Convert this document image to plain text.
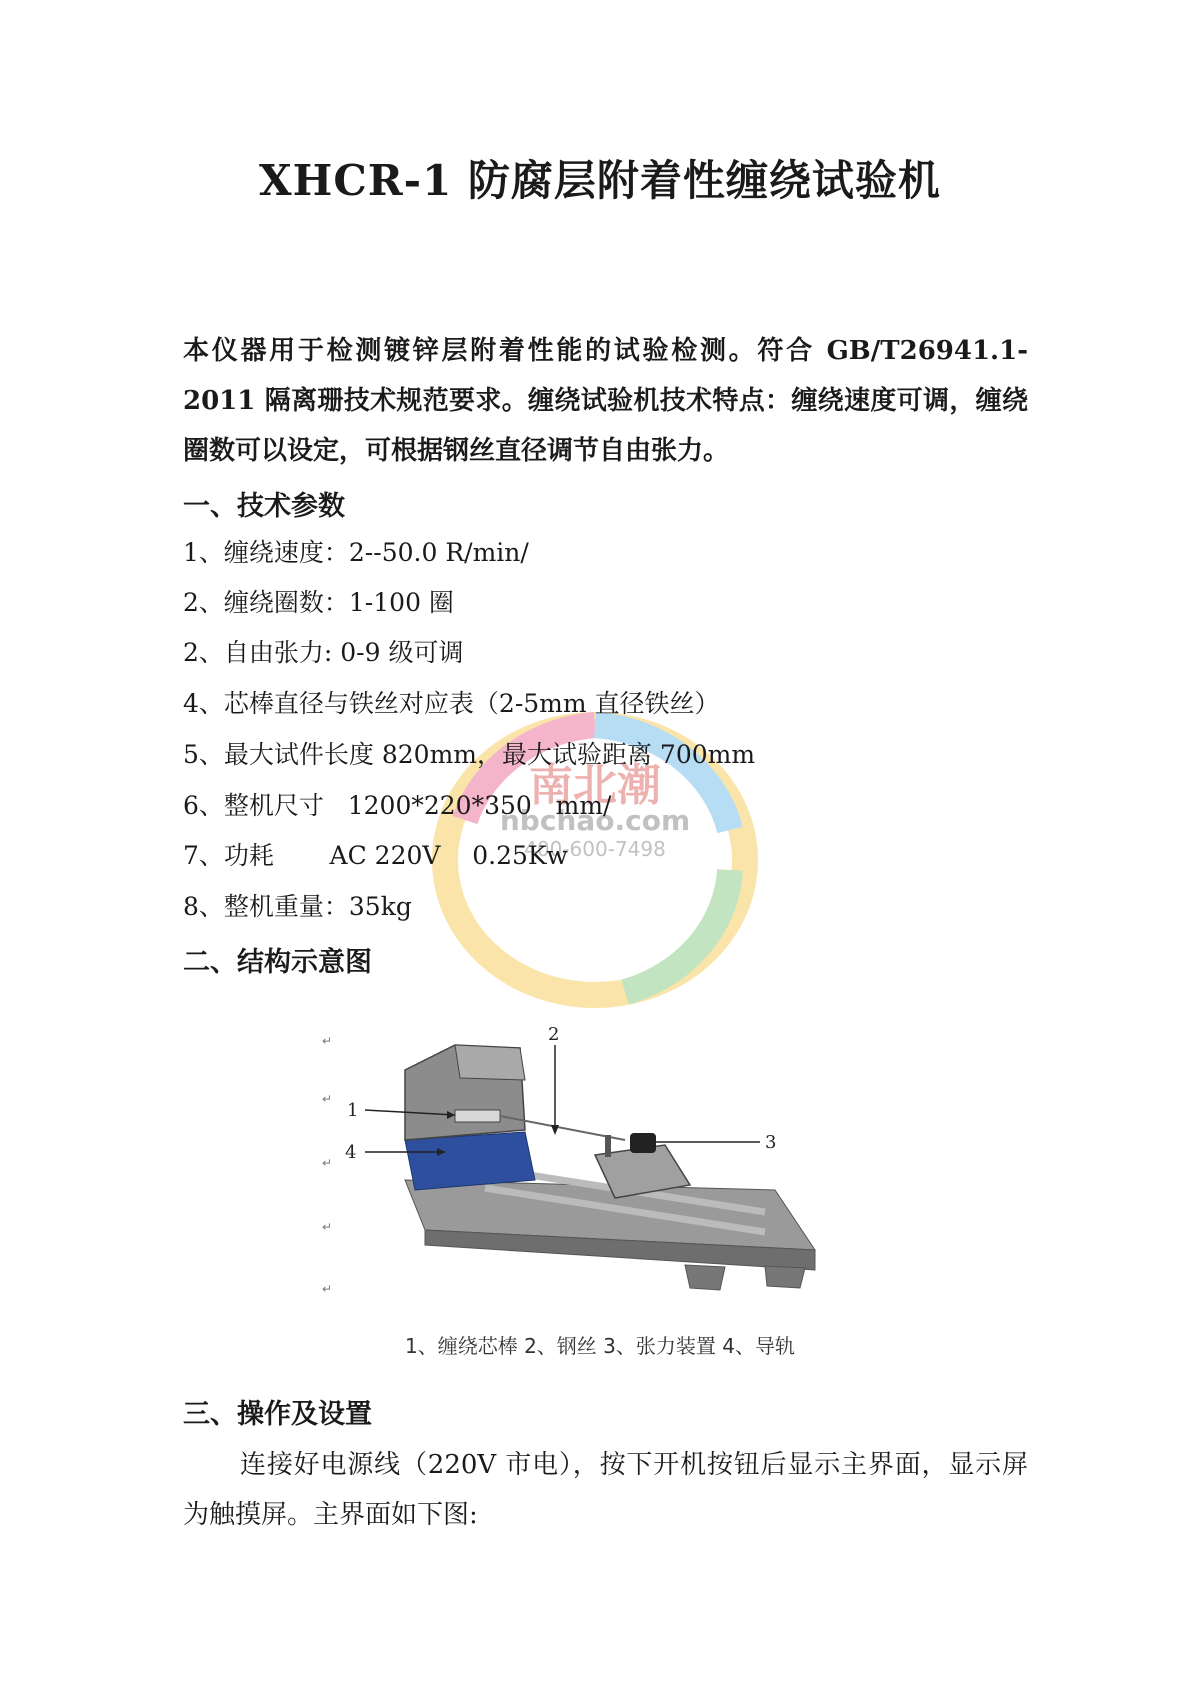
南北潮
nbchao.com
400-600-7498
XHCR-1 防腐层附着性缠绕试验机
本仪器用于检测镀锌层附着性能的试验检测。符合 GB/T26941.1-2011 隔离珊技术规范要求。缠绕试验机技术特点：缠绕速度可调，缠绕圈数可以设定，可根据钢丝直径调节自由张力。
一、技术参数
1、缠绕速度：2--50.0 R/min/
2、缠绕圈数：1-100 圈
2、自由张力: 0-9 级可调
4、芯棒直径与铁丝对应表（2-5mm 直径铁丝）
5、最大试件长度 820mm，最大试验距离 700mm
6、整机尺寸   1200*220*350   mm/
7、功耗       AC 220V    0.25Kw
8、整机重量：35kg
二、结构示意图
↵
↵
↵
↵
↵
1
2
3
4
1、缠绕芯棒 2、钢丝 3、张力装置 4、导轨
三、操作及设置
连接好电源线（220V 市电），按下开机按钮后显示主界面，显示屏为触摸屏。主界面如下图:
